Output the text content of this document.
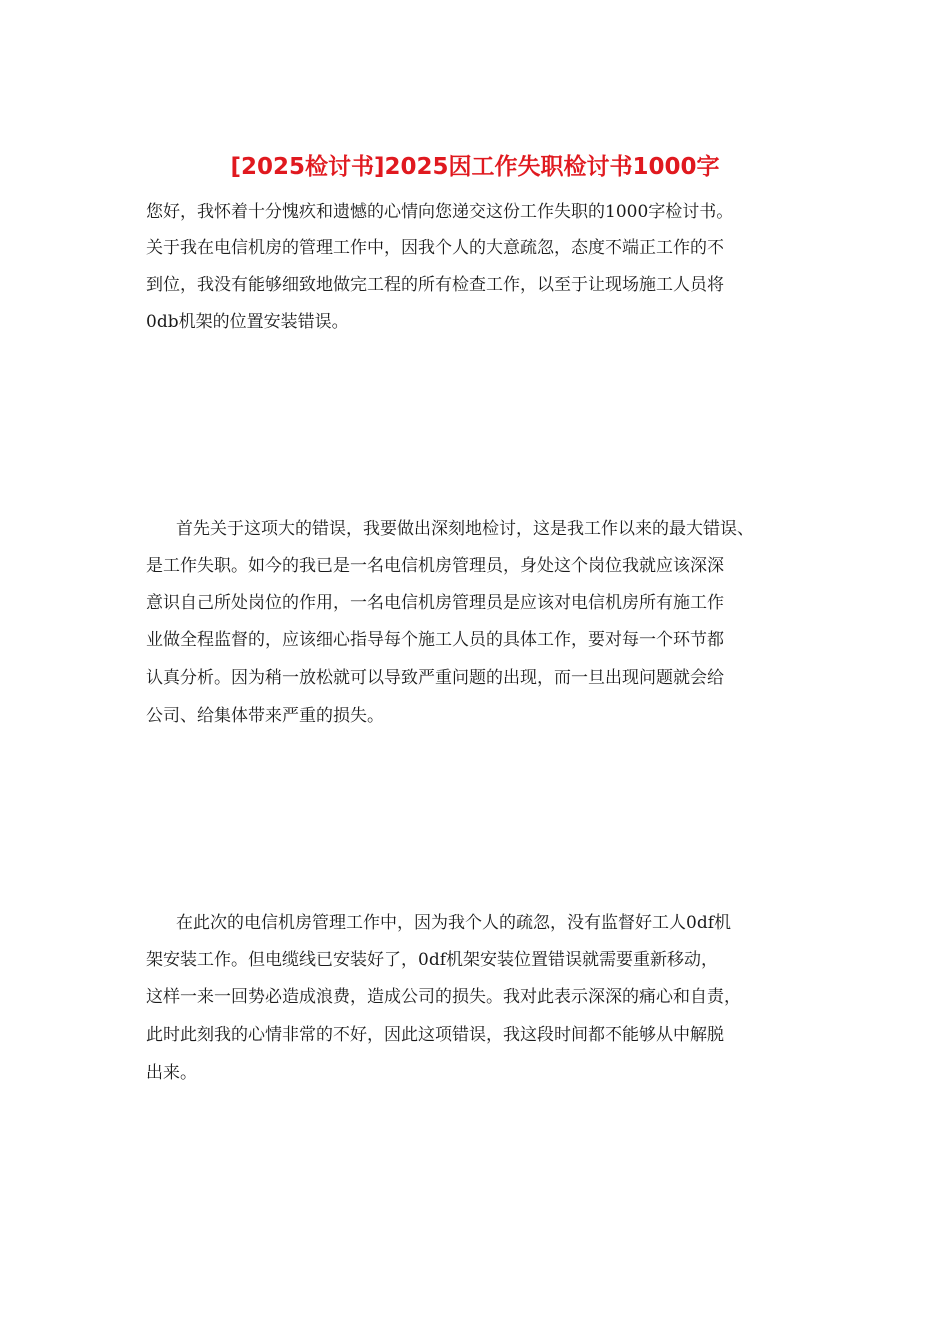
[2025检讨书]2025因工作失职检讨书1000字

您好，我怀着十分愧疚和遗憾的心情向您递交这份工作失职的1000字检讨书。

关于我在电信机房的管理工作中，因我个人的大意疏忽，态度不端正工作的不

到位，我没有能够细致地做完工程的所有检查工作，以至于让现场施工人员将

0db机架的位置安装错误。

首先关于这项大的错误，我要做出深刻地检讨，这是我工作以来的最大错误、

是工作失职。如今的我已是一名电信机房管理员，身处这个岗位我就应该深深

意识自己所处岗位的作用，一名电信机房管理员是应该对电信机房所有施工作

业做全程监督的，应该细心指导每个施工人员的具体工作，要对每一个环节都

认真分析。因为稍一放松就可以导致严重问题的出现，而一旦出现问题就会给

公司、给集体带来严重的损失。

在此次的电信机房管理工作中，因为我个人的疏忽，没有监督好工人0df机

架安装工作。但电缆线已安装好了，0df机架安装位置错误就需要重新移动，

这样一来一回势必造成浪费，造成公司的损失。我对此表示深深的痛心和自责，

此时此刻我的心情非常的不好，因此这项错误，我这段时间都不能够从中解脱

出来。
